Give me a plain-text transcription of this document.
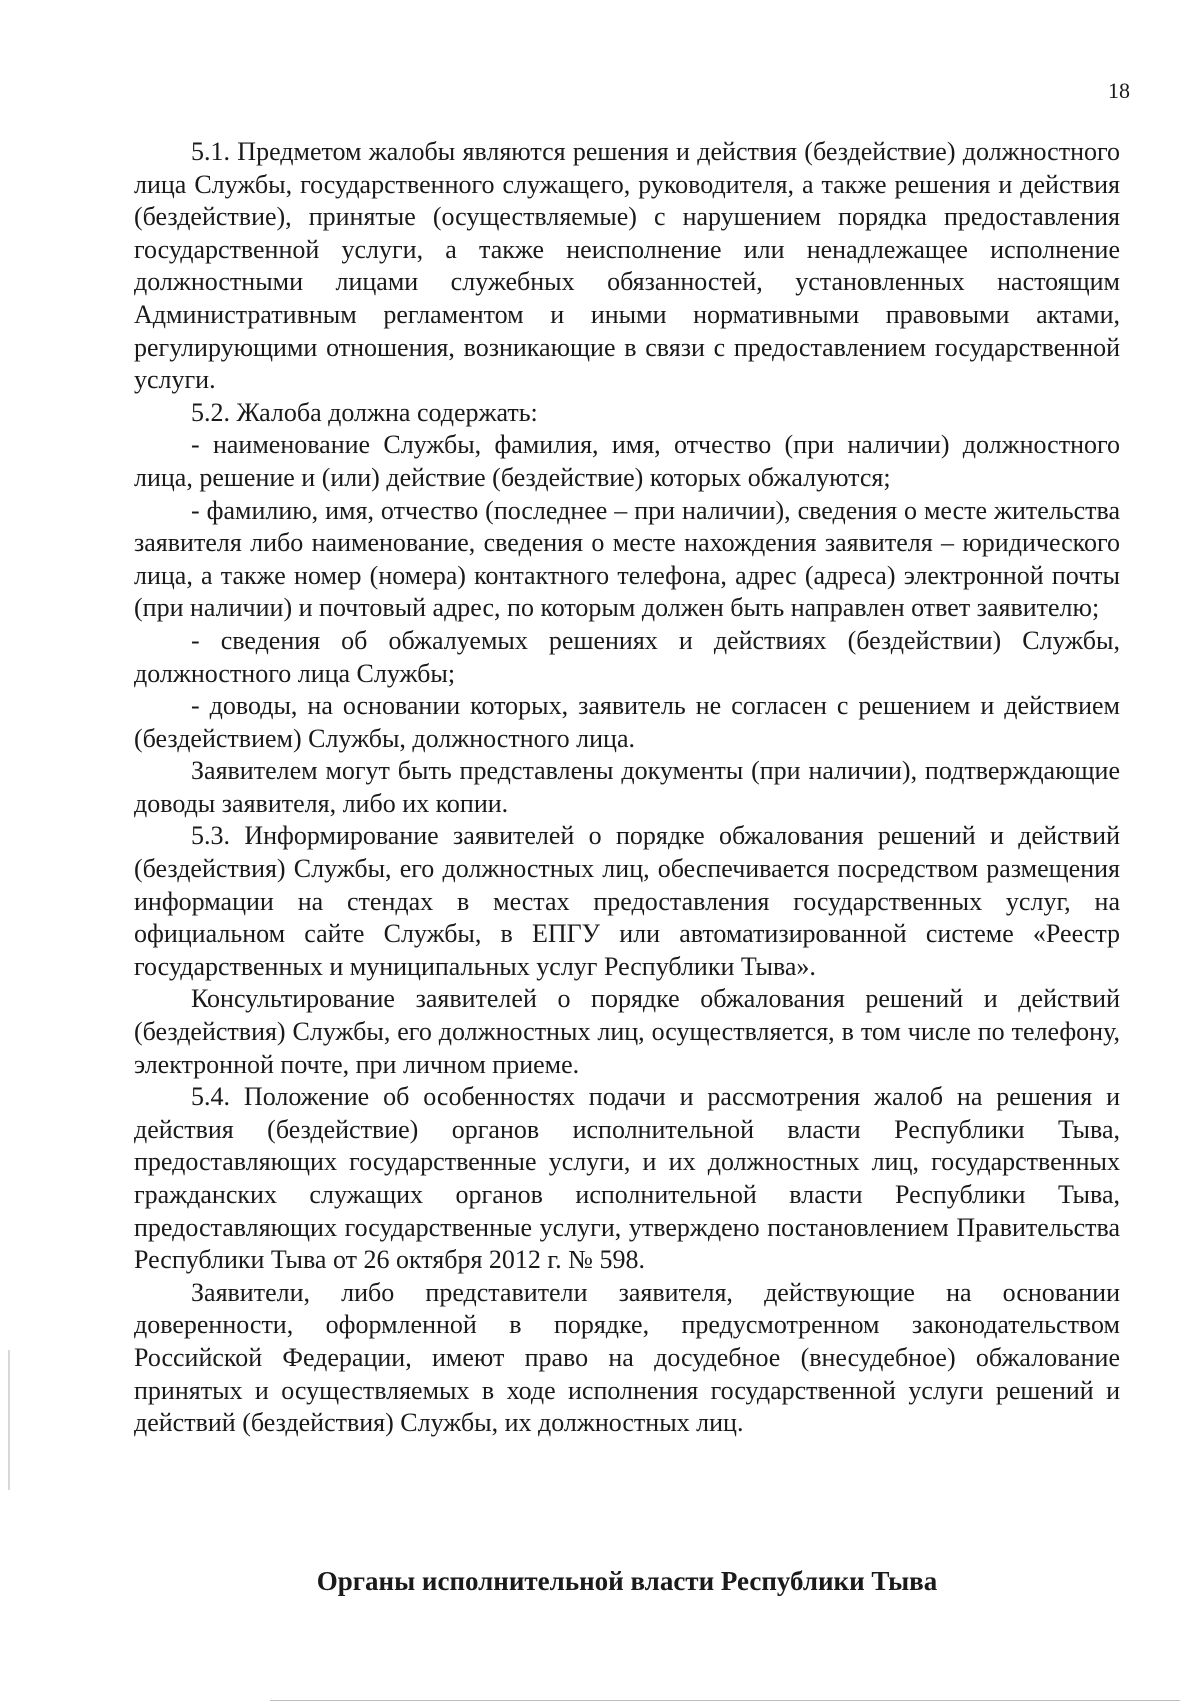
18

5.1. Предметом жалобы являются решения и действия (бездействие) должностного лица Службы, государственного служащего, руководителя, а также решения и действия (бездействие), принятые (осуществляемые) с нарушением порядка предоставления государственной услуги, а также неисполнение или ненадлежащее исполнение должностными лицами служебных обязанностей, установленных настоящим Административным регламентом и иными нормативными правовыми актами, регулирующими отношения, возникающие в связи с предоставлением государственной услуги.

5.2. Жалоба должна содержать:

- наименование Службы, фамилия, имя, отчество (при наличии) должностного лица, решение и (или) действие (бездействие) которых обжалуются;

- фамилию, имя, отчество (последнее – при наличии), сведения о месте жительства заявителя либо наименование, сведения о месте нахождения заявителя – юридического лица, а также номер (номера) контактного телефона, адрес (адреса) электронной почты (при наличии) и почтовый адрес, по которым должен быть направлен ответ заявителю;

- сведения об обжалуемых решениях и действиях (бездействии) Службы, должностного лица Службы;

- доводы, на основании которых, заявитель не согласен с решением и действием (бездействием) Службы, должностного лица.

Заявителем могут быть представлены документы (при наличии), подтверждающие доводы заявителя, либо их копии.

5.3. Информирование заявителей о порядке обжалования решений и действий (бездействия) Службы, его должностных лиц, обеспечивается посредством размещения информации на стендах в местах предоставления государственных услуг, на официальном сайте Службы, в ЕПГУ или автоматизированной системе «Реестр государственных и муниципальных услуг Республики Тыва».

Консультирование заявителей о порядке обжалования решений и действий (бездействия) Службы, его должностных лиц, осуществляется, в том числе по телефону, электронной почте, при личном приеме.

5.4. Положение об особенностях подачи и рассмотрения жалоб на решения и действия (бездействие) органов исполнительной власти Республики Тыва, предоставляющих государственные услуги, и их должностных лиц, государственных гражданских служащих органов исполнительной власти Республики Тыва, предоставляющих государственные услуги, утверждено постановлением Правительства Республики Тыва от 26 октября 2012 г. № 598.

Заявители, либо представители заявителя, действующие на основании доверенности, оформленной в порядке, предусмотренном законодательством Российской Федерации, имеют право на досудебное (внесудебное) обжалование принятых и осуществляемых в ходе исполнения государственной услуги решений и действий (бездействия) Службы, их должностных лиц.

Органы исполнительной власти Республики Тыва
